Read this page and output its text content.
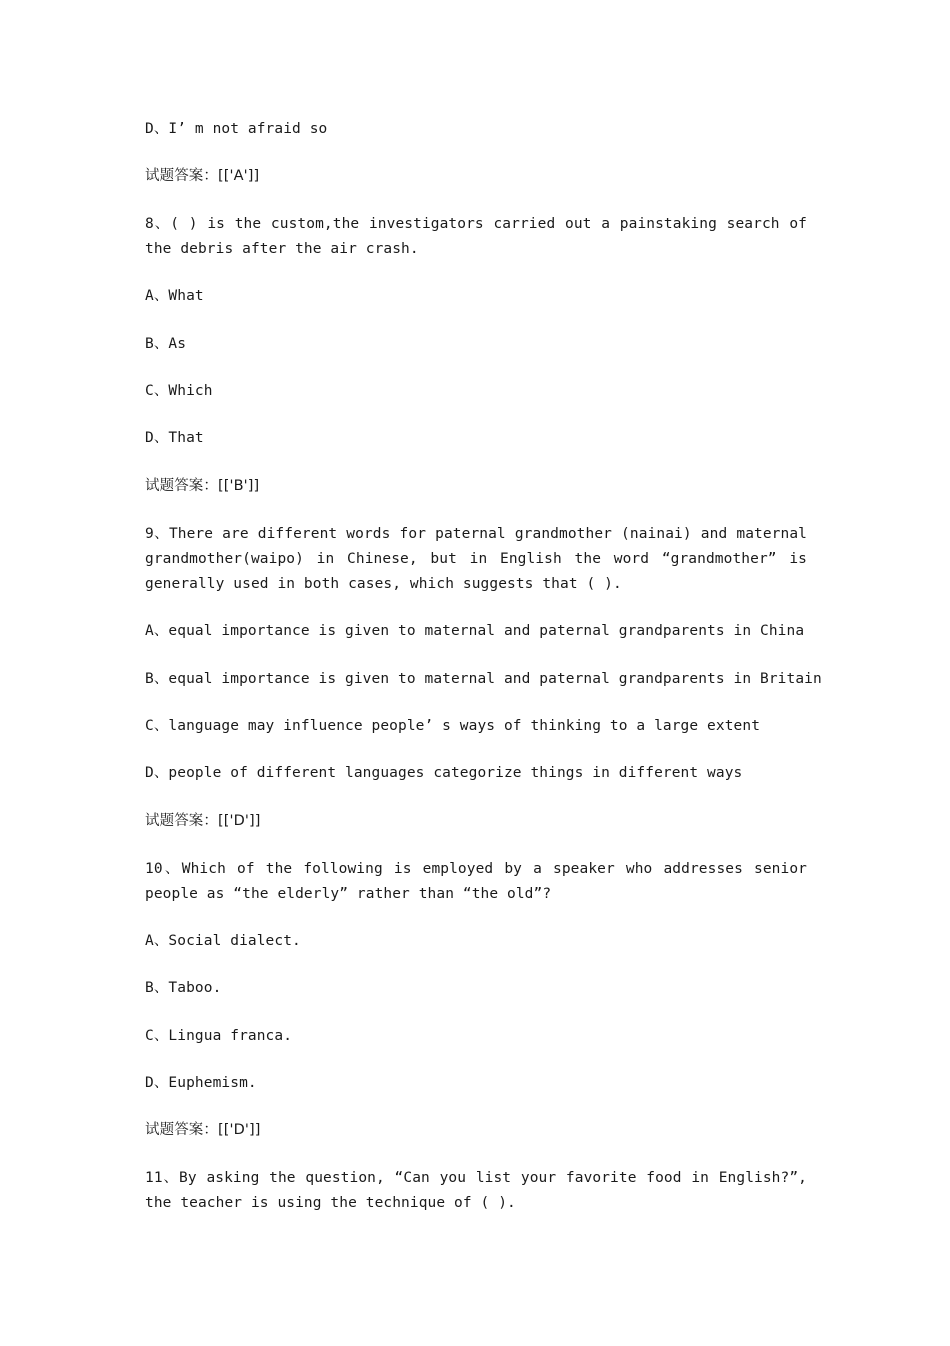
D、I’ m not afraid so
试题答案：[['A']]
8、( ) is the custom,the investigators carried out a painstaking search of the debris after the air crash.
A、What
B、As
C、Which
D、That
试题答案：[['B']]
9、There are different words for paternal grandmother (nainai) and maternal grandmother(waipo) in Chinese, but in English the word “grandmother” is generally used in both cases, which suggests that ( ).
A、equal importance is given to maternal and paternal grandparents in China
B、equal importance is given to maternal and paternal grandparents in Britain
C、language may influence people’ s ways of thinking to a large extent
D、people of different languages categorize things in different ways
试题答案：[['D']]
10、Which of the following is employed by a speaker who addresses senior people as “the elderly” rather than “the old”?
A、Social dialect.
B、Taboo.
C、Lingua franca.
D、Euphemism.
试题答案：[['D']]
11、By asking the question, “Can you list your favorite food in English?”, the teacher is using the technique of ( ).
